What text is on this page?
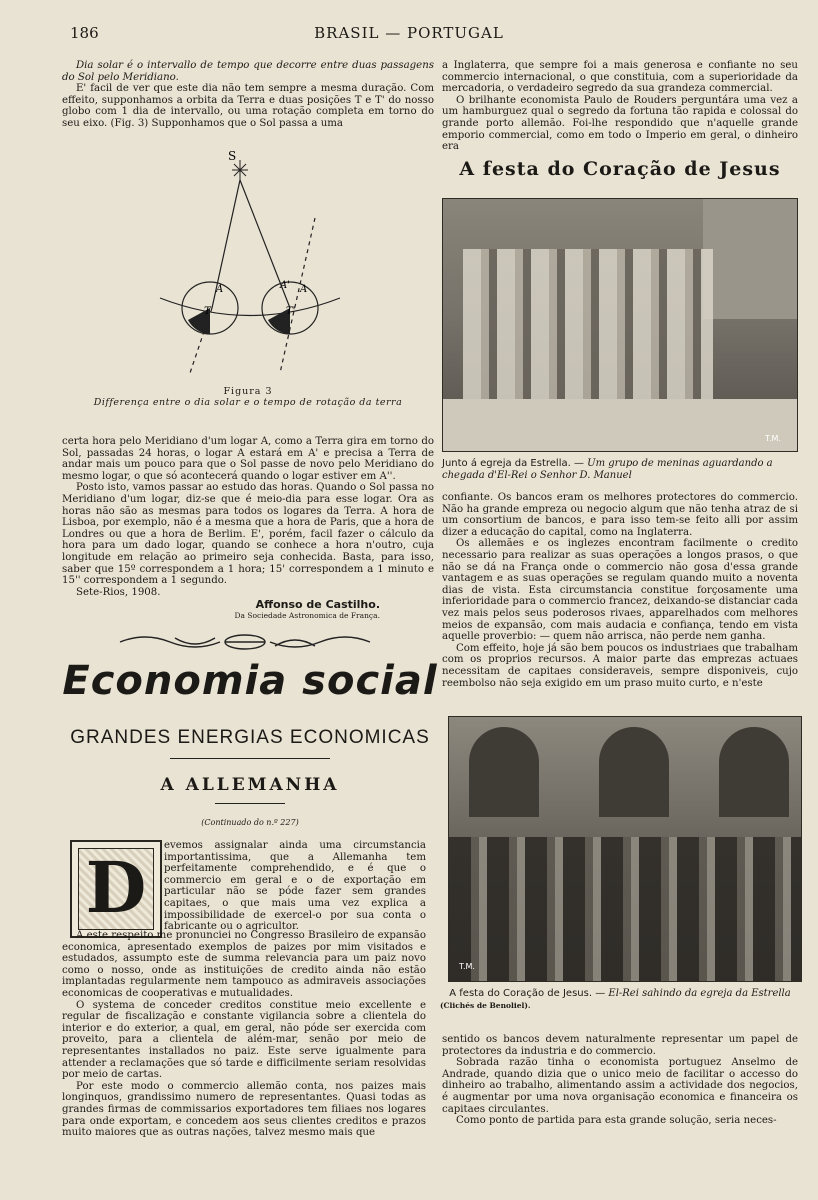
186	BRASIL — PORTUGAL

Dia solar é o intervallo de tempo que decorre entre duas passagens do Sol pelo Meridiano.

E' facil de ver que este dia não tem sempre a mesma duração. Com effeito, supponhamos a orbita da Terra e duas posições T e T' do nosso globo com 1 dia de intervallo, ou uma rotação completa em torno do seu eixo. (Fig. 3) Supponhamos que o Sol passa a uma

S
A	A' A
T	T'
Figura 3
Differença entre o dia solar e o tempo de rotação da terra

certa hora pelo Meridiano d'um logar A, como a Terra gira em torno do Sol, passadas 24 horas, o logar A estará em A' e precisa a Terra de andar mais um pouco para que o Sol passe de novo pelo Meridiano do mesmo logar, o que só acontecerá quando o logar estiver em A''.

Posto isto, vamos passar ao estudo das horas. Quando o Sol passa no Meridiano d'um logar, diz-se que é meio-dia para esse logar. Ora as horas não são as mesmas para todos os logares da Terra. A hora de Lisboa, por exemplo, não é a mesma que a hora de Paris, que a hora de Londres ou que a hora de Berlim. E', porém, facil fazer o cálculo da hora para um dado logar, quando se conhece a hora n'outro, cuja longitude em relação ao primeiro seja conhecida. Basta, para isso, saber que 15º correspondem a 1 hora; 15' correspondem a 1 minuto e 15'' correspondem a 1 segundo.

Sete-Rios, 1908.

Affonso de Castilho.
Da Sociedade Astronomica de França.
Economia social
GRANDES ENERGIAS ECONOMICAS
A ALLEMANHA
(Continuado do n.º 227)
D

evemos assignalar ainda uma circumstancia importantissima, que a Allemanha tem perfeitamente comprehendido, e é que o commercio em geral e o de exportação em particular não se póde fazer sem grandes capitaes, o que mais uma vez explica a impossibilidade de exercel-o por sua conta o fabricante ou o agricultor.

A este respeito me pronunciei no Congresso Brasileiro de expansão economica, apresentado exemplos de paizes por mim visitados e estudados, assumpto este de summa relevancia para um paiz novo como o nosso, onde as instituições de credito ainda não estão implantadas regularmente nem tampouco as admiraveis associações economicas de cooperativas e mutualidades.

O systema de conceder creditos constitue meio excellente e regular de fiscalização e constante vigilancia sobre a clientela do interior e do exterior, a qual, em geral, não póde ser exercida com proveito, para a clientela de além-mar, senão por meio de representantes installados no paiz. Este serve igualmente para attender a reclamações que só tarde e difficilmente seriam resolvidas por meio de cartas.

Por este modo o commercio allemão conta, nos paizes mais longinquos, grandissimo numero de representantes. Quasi todas as grandes firmas de commissarios exportadores tem filiaes nos logares para onde exportam, e concedem aos seus clientes creditos e prazos muito maiores que as outras nações, talvez mesmo mais que

a Inglaterra, que sempre foi a mais generosa e confiante no seu commercio internacional, o que constituia, com a superioridade da mercadoria, o verdadeiro segredo da sua grandeza commercial.

O brilhante economista Paulo de Rouders perguntára uma vez a um hamburguez qual o segredo da fortuna tão rapida e colossal do grande porto allemão. Foi-lhe respondido que n'aquelle grande emporio commercial, como em todo o Imperio em geral, o dinheiro era

A festa do Coração de Jesus
T.M.
Junto á egreja da Estrella. — Um grupo de meninas aguardando a chegada d'El-Rei o Senhor D. Manuel

confiante. Os bancos eram os melhores protectores do commercio. Não ha grande empreza ou negocio algum que não tenha atraz de si um consortium de bancos, e para isso tem-se feito alli por assim dizer a educação do capital, como na Inglaterra.

Os allemães e os inglezes encontram facilmente o credito necessario para realizar as suas operações a longos prasos, o que não se dá na França onde o commercio não gosa d'essa grande vantagem e as suas operações se regulam quando muito a noventa dias de vista. Esta circumstancia constitue forçosamente uma inferioridade para o commercio francez, deixando-se distanciar cada vez mais pelos seus poderosos rivaes, apparelhados com melhores meios de expansão, com mais audacia e confiança, tendo em vista aquelle proverbio: — quem não arrisca, não perde nem ganha.

Com effeito, hoje já são bem poucos os industriaes que trabalham com os proprios recursos. A maior parte das emprezas actuaes necessitam de capitaes consideraveis, sempre disponiveis, cujo reembolso não seja exigido em um praso muito curto, e n'este

T.M.
A festa do Coração de Jesus. — El-Rei sahindo da egreja da Estrella
(Clichés de Benoliel).

sentido os bancos devem naturalmente representar um papel de protectores da industria e do commercio.

Sobrada razão tinha o economista portuguez Anselmo de Andrade, quando dizia que o unico meio de facilitar o accesso do dinheiro ao trabalho, alimentando assim a actividade dos negocios, é augmentar por uma nova organisação economica e financeira os capitaes circulantes.

Como ponto de partida para esta grande solução, seria neces-
